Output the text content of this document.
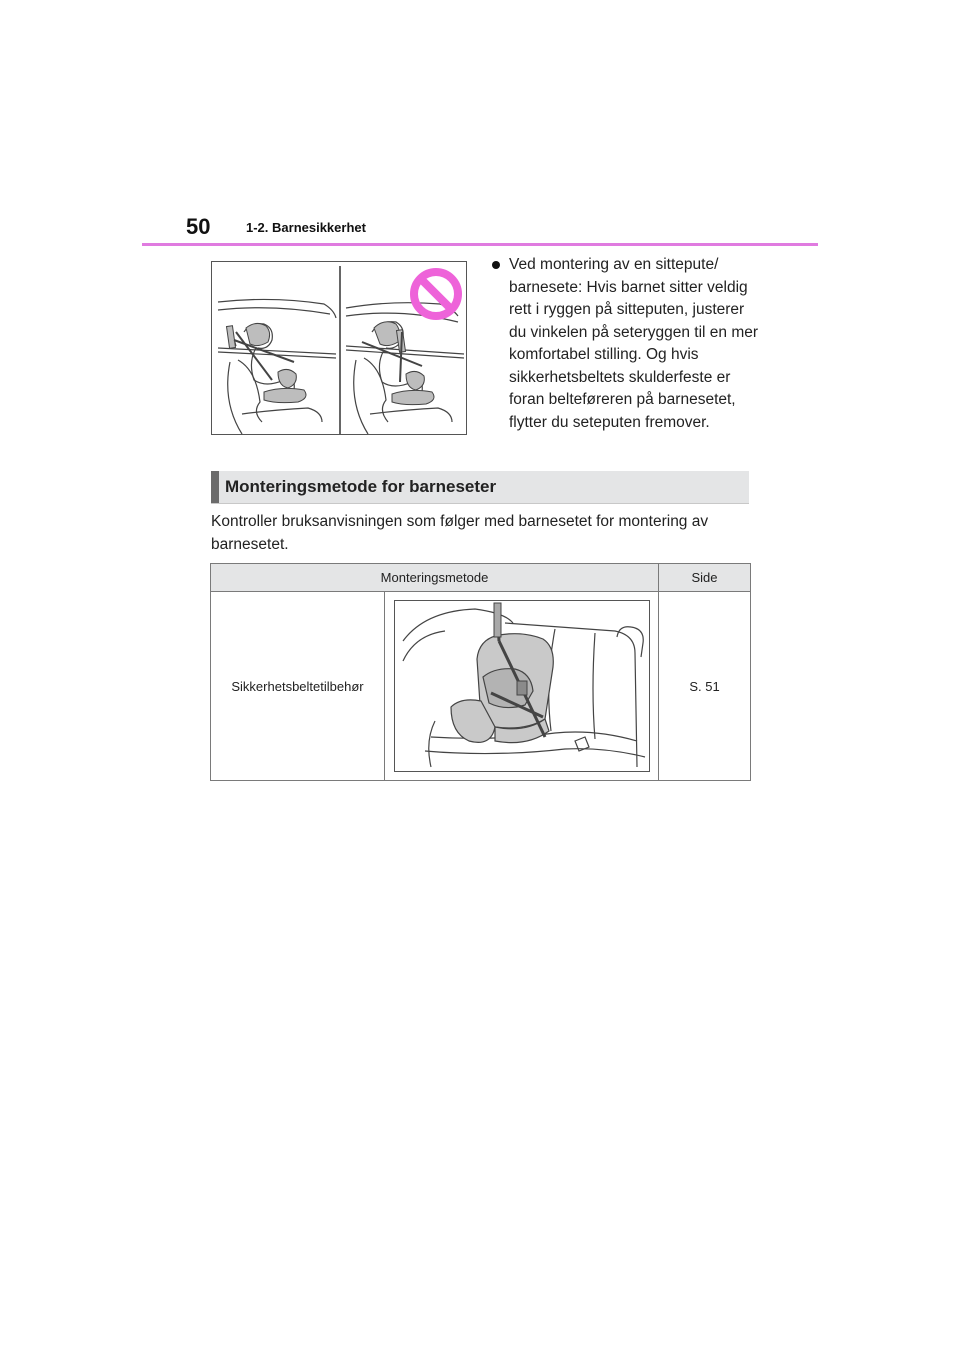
50	1-2. Barnesikkerhet
Ved montering av en sittepute/ barnesete: Hvis barnet sitter veldig rett i ryggen på sitteputen, justerer du vinkelen på seteryggen til en mer komfortabel stilling. Og hvis sikkerhetsbeltets skulderfeste er foran belteføreren på barnesetet, flytter du seteputen fremover.
Monteringsmetode for barneseter
Kontroller bruksanvisningen som følger med barnesetet for montering av barnesetet.
Monteringsmetode		Side
Sikkerhetsbeltetilbehør		S. 51
